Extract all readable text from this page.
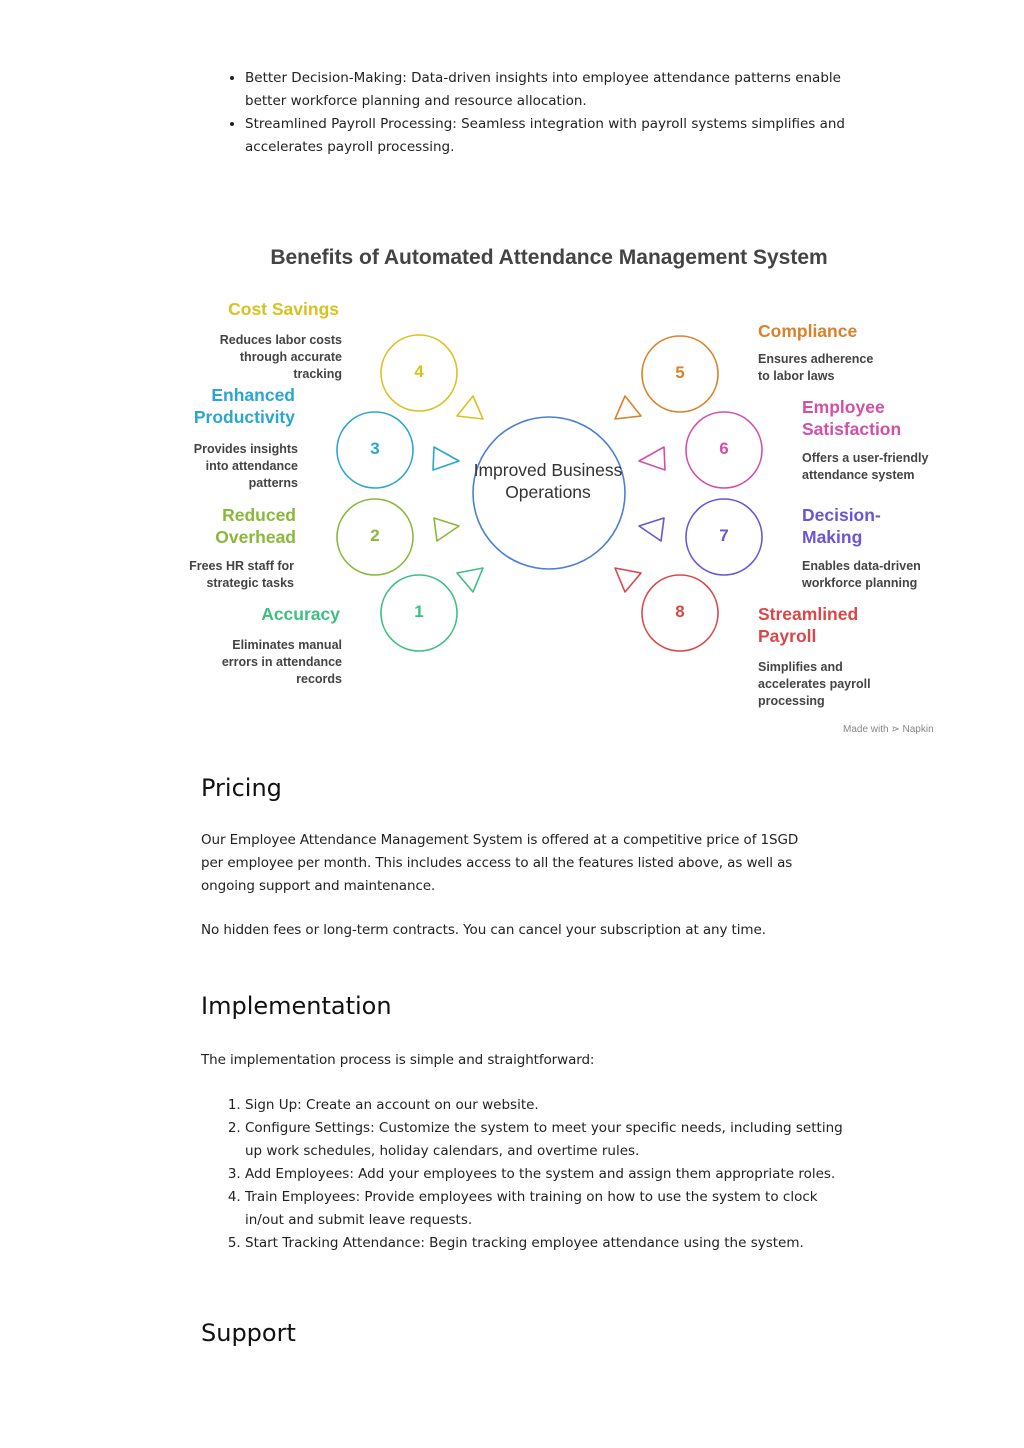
• Better Decision-Making: Data-driven insights into employee attendance patterns enable better workforce planning and resource allocation.
• Streamlined Payroll Processing: Seamless integration with payroll systems simplifies and accelerates payroll processing.
Benefits of Automated Attendance Management System
Improved Business Operations
Cost Savings
Reduces labor costs through accurate tracking
Enhanced Productivity
Provides insights into attendance patterns
Reduced Overhead
Frees HR staff for strategic tasks
Accuracy
Eliminates manual errors in attendance records
Compliance
Ensures adherence to labor laws
Employee Satisfaction
Offers a user-friendly attendance system
Decision-Making
Enables data-driven workforce planning
Streamlined Payroll
Simplifies and accelerates payroll processing
1
2
3
4	5
6
7
8
Made with ⋗ Napkin
Pricing
Our Employee Attendance Management System is offered at a competitive price of 1SGD per employee per month. This includes access to all the features listed above, as well as ongoing support and maintenance.
No hidden fees or long-term contracts. You can cancel your subscription at any time.
Implementation
The implementation process is simple and straightforward:
1. Sign Up: Create an account on our website.
2. Configure Settings: Customize the system to meet your specific needs, including setting up work schedules, holiday calendars, and overtime rules.
3. Add Employees: Add your employees to the system and assign them appropriate roles.
4. Train Employees: Provide employees with training on how to use the system to clock in/out and submit leave requests.
5. Start Tracking Attendance: Begin tracking employee attendance using the system.
Support
